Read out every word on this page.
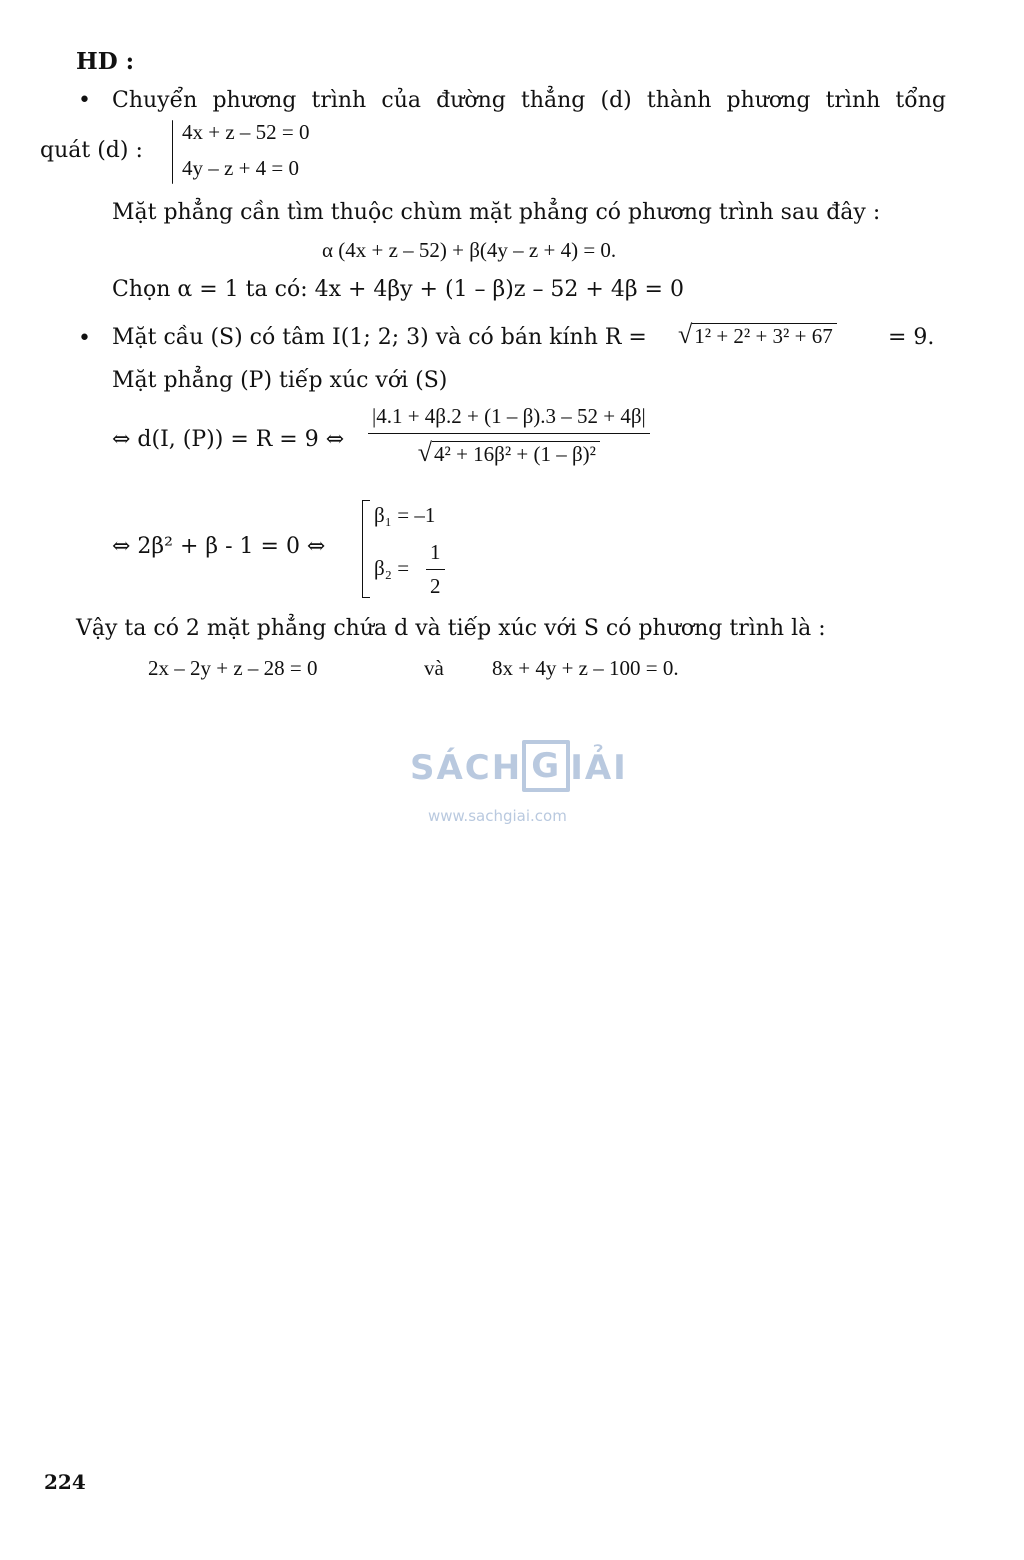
HD :
• Chuyển phương trình của đường thẳng (d) thành phương trình tổng
quát (d) :
4x + z – 52 = 0
4y – z + 4 = 0
Mặt phẳng cần tìm thuộc chùm mặt phẳng có phương trình sau đây :
α (4x + z – 52) + β(4y – z + 4) = 0.
Chọn α = 1 ta có: 4x + 4βy + (1 – β)z – 52 + 4β = 0
• Mặt cầu (S) có tâm I(1; 2; 3) và có bán kính R = √1² + 2² + 3² + 67	= 9.
Mặt phẳng (P) tiếp xúc với (S)
⇔ d(I, (P)) = R = 9 ⇔ $\frac{|4.1 + 4\beta.2 + (1 - \beta).3 - 52 + 4\beta|}{\text{√4² + 16β² + (1 – β)²}}$
⇔ 2β² + β - 1 = 0 ⇔
β₁ = –1
$\beta_2 = \frac{1}{2}$
Vậy ta có 2 mặt phẳng chứa d và tiếp xúc với S có phương trình là :
2x – 2y + z – 28 = 0	và 8x + 4y + z – 100 = 0.
SÁCH G IẢI
www.sachgiai.com
224
